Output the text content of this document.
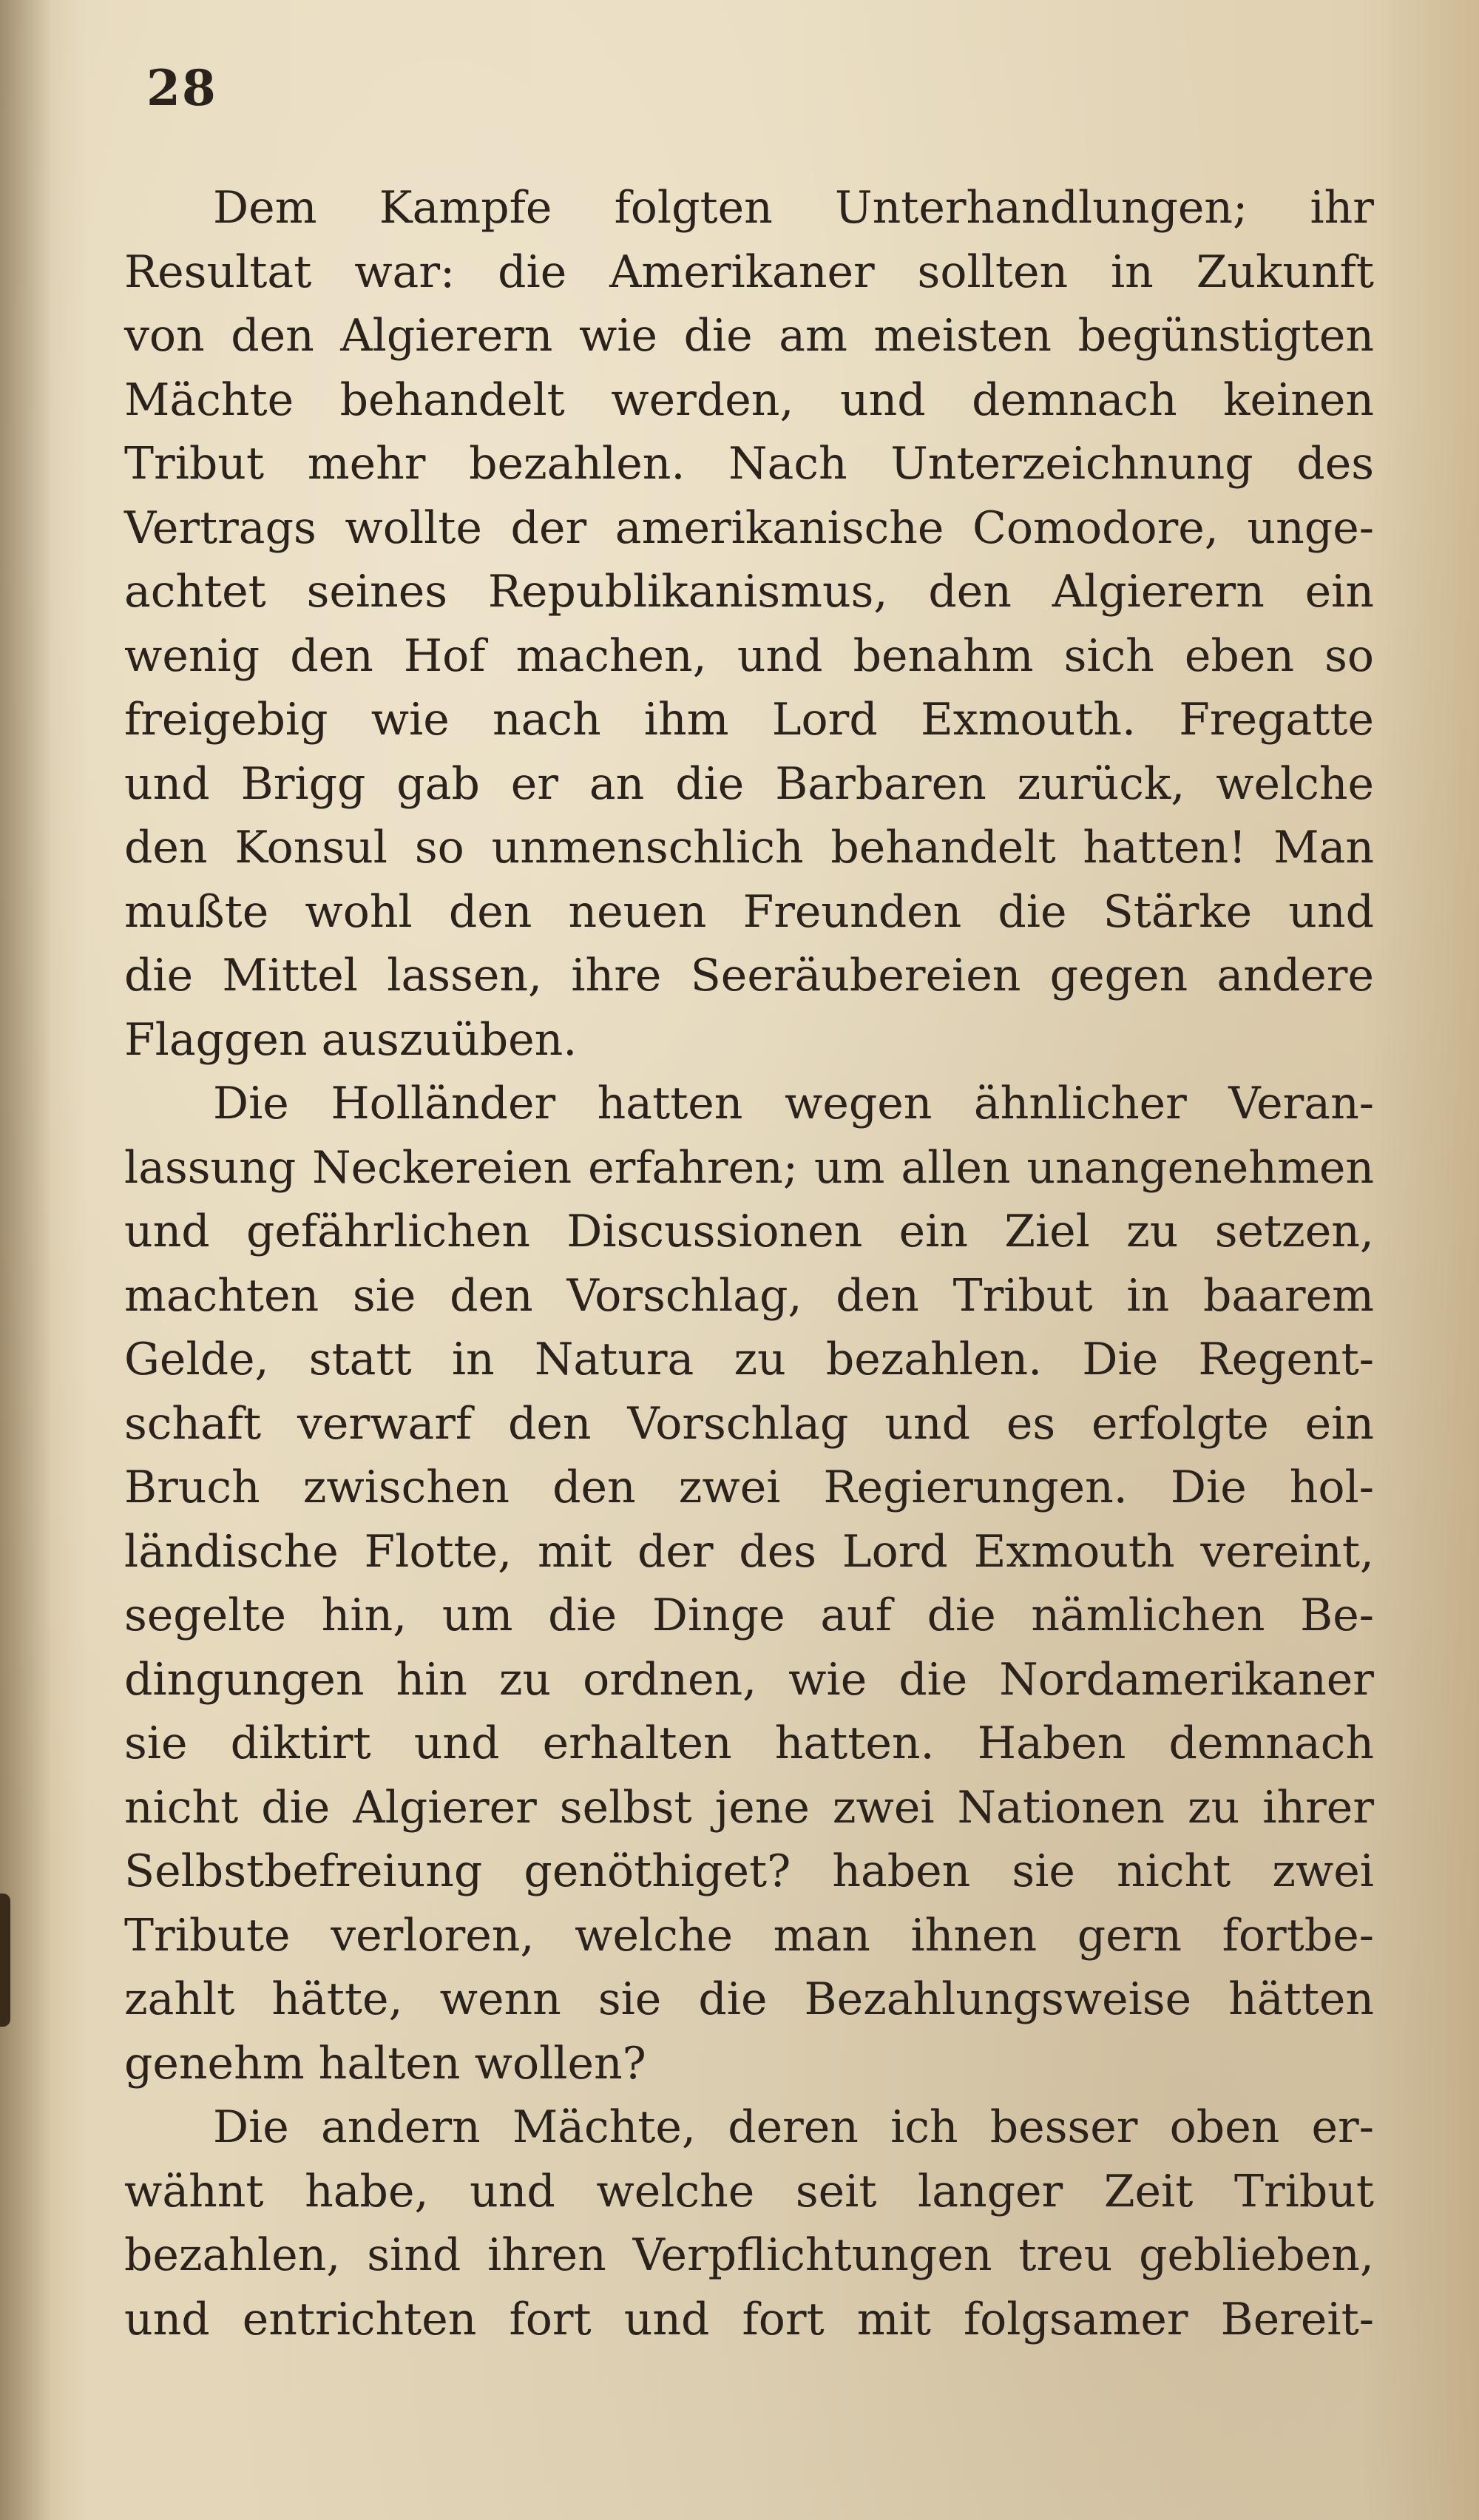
28
Dem Kampfe folgten Unterhandlungen; ihr
Resultat war: die Amerikaner sollten in Zukunft
von den Algierern wie die am meisten begünstigten
Mächte behandelt werden, und demnach keinen
Tribut mehr bezahlen. Nach Unterzeichnung des
Vertrags wollte der amerikanische Comodore, unge-
achtet seines Republikanismus, den Algierern ein
wenig den Hof machen, und benahm sich eben so
freigebig wie nach ihm Lord Exmouth. Fregatte
und Brigg gab er an die Barbaren zurück, welche
den Konsul so unmenschlich behandelt hatten! Man
mußte wohl den neuen Freunden die Stärke und
die Mittel lassen, ihre Seeräubereien gegen andere
Flaggen auszuüben.
Die Holländer hatten wegen ähnlicher Veran-
lassung Neckereien erfahren; um allen unangenehmen
und gefährlichen Discussionen ein Ziel zu setzen,
machten sie den Vorschlag, den Tribut in baarem
Gelde, statt in Natura zu bezahlen. Die Regent-
schaft verwarf den Vorschlag und es erfolgte ein
Bruch zwischen den zwei Regierungen. Die hol-
ländische Flotte, mit der des Lord Exmouth vereint,
segelte hin, um die Dinge auf die nämlichen Be-
dingungen hin zu ordnen, wie die Nordamerikaner
sie diktirt und erhalten hatten. Haben demnach
nicht die Algierer selbst jene zwei Nationen zu ihrer
Selbstbefreiung genöthiget? haben sie nicht zwei
Tribute verloren, welche man ihnen gern fortbe-
zahlt hätte, wenn sie die Bezahlungsweise hätten
genehm halten wollen?
Die andern Mächte, deren ich besser oben er-
wähnt habe, und welche seit langer Zeit Tribut
bezahlen, sind ihren Verpflichtungen treu geblieben,
und entrichten fort und fort mit folgsamer Bereit-
